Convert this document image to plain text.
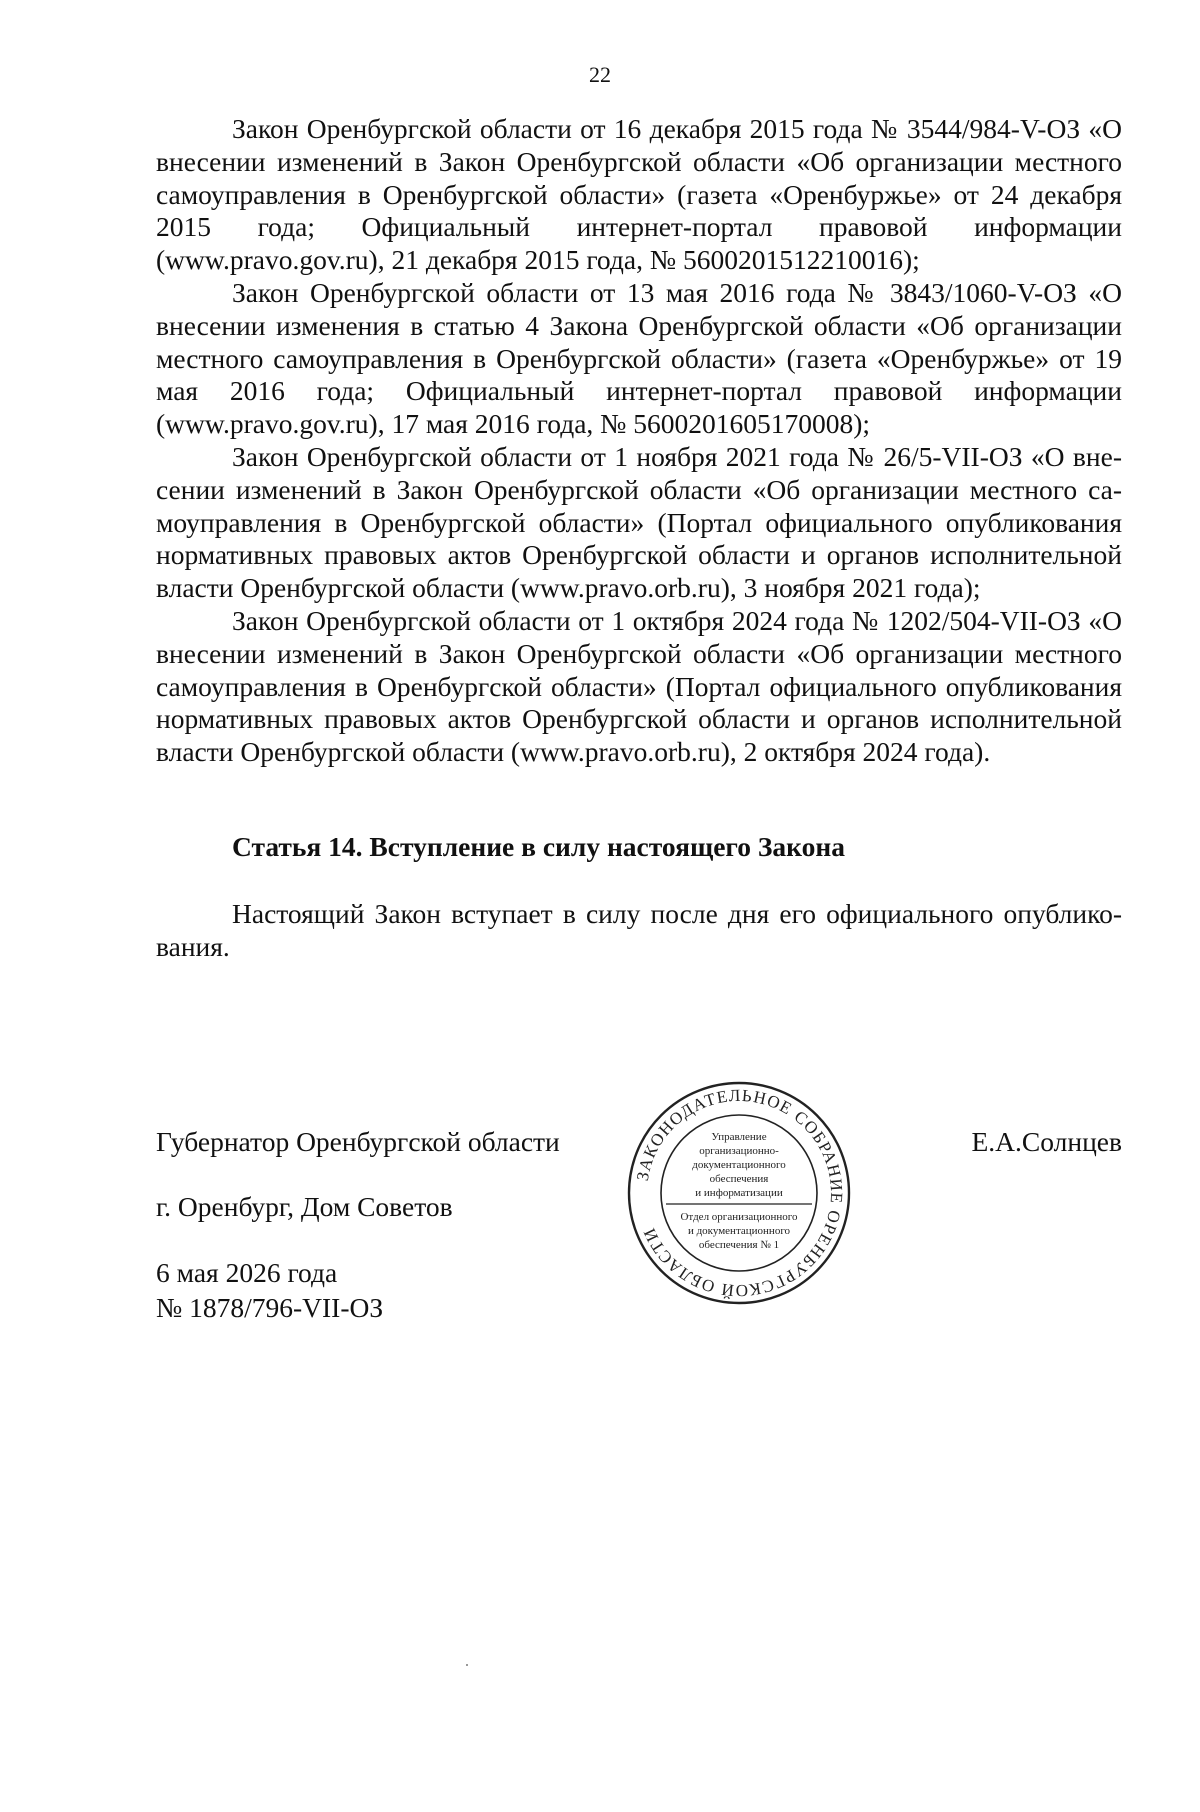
22

Закон Оренбургской области от 16 декабря 2015 года № 3544/984-V-ОЗ «О внесении изменений в Закон Оренбургской области «Об организации местного самоуправления в Оренбургской области» (газета «Оренбуржье» от 24 декабря 2015 года; Официальный интернет-портал правовой информации (www.pravo.gov.ru), 21 декабря 2015 года, № 5600201512210016);

Закон Оренбургской области от 13 мая 2016 года № 3843/1060-V-ОЗ «О внесении изменения в статью 4 Закона Оренбургской области «Об организации местного самоуправления в Оренбургской области» (газета «Оренбуржье» от 19 мая 2016 года; Официальный интернет-портал правовой информации (www.pravo.gov.ru), 17 мая 2016 года, № 5600201605170008);

Закон Оренбургской области от 1 ноября 2021 года № 26/5-VII-ОЗ «О внесении изменений в Закон Оренбургской области «Об организации местного самоуправления в Оренбургской области» (Портал официального опубликования нормативных правовых актов Оренбургской области и органов исполнительной власти Оренбургской области (www.pravo.orb.ru), 3 ноября 2021 года);

Закон Оренбургской области от 1 октября 2024 года № 1202/504-VII-ОЗ «О внесении изменений в Закон Оренбургской области «Об организации местного самоуправления в Оренбургской области» (Портал официального опубликования нормативных правовых актов Оренбургской области и органов исполнительной власти Оренбургской области (www.pravo.orb.ru), 2 октября 2024 года).

Статья 14. Вступление в силу настоящего Закона

Настоящий Закон вступает в силу после дня его официального опубликования.

Губернатор Оренбургской области	Е.А.Солнцев
г. Оренбург, Дом Советов
6 мая 2026 года
№ 1878/796-VII-ОЗ
ЗАКОНОДАТЕЛЬНОЕ СОБРАНИЕ ОРЕНБУРГСКОЙ ОБЛАСТИ
Управление
организационно-
документационного
обеспечения
и информатизации
Отдел организационного
и документационного
обеспечения № 1
